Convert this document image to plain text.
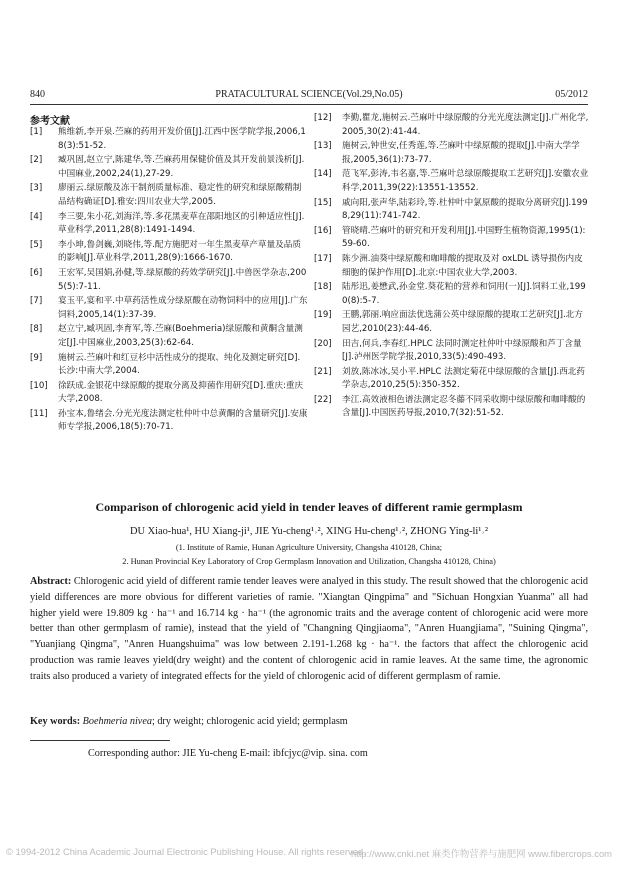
840	PRATACULTURAL SCIENCE(Vol.29,No.05)	05/2012
参考文献
[1]	熊维新,李开泉.苎麻的药用开发价值[J].江西中医学院学报,2006,18(3):51-52.
[2]	臧巩固,赵立宁,陈建华,等.苎麻药用保健价值及其开发前景浅析[J].中国麻业,2002,24(1),27-29.
[3]	廖丽云.绿原酸及冻干制剂质量标准、稳定性的研究和绿原酸精制品结构确证[D].雅安:四川农业大学,2005.
[4]	李三要,朱小花,刘海洋,等.多花黑麦草在邵阳地区的引种适应性[J].草业科学,2011,28(8):1491-1494.
[5]	李小坤,鲁剑巍,刘晓伟,等.配方施肥对一年生黑麦草产草量及品质的影响[J].草业科学,2011,28(9):1666-1670.
[6]	王宏军,吴国娟,孙健,等.绿原酸的药效学研究[J].中兽医学杂志,2005(5):7-11.
[7]	宴玉平,宴和平.中草药活性成分绿原酸在动物饲料中的应用[J].广东饲料,2005,14(1):37-39.
[8]	赵立宁,臧巩固,李育军,等.苎麻(Boehmeria)绿原酸和黄酮含量测定[J].中国麻业,2003,25(3):62-64.
[9]	施树云.苎麻叶和红豆杉中活性成分的提取、纯化及测定研究[D].长沙:中南大学,2004.
[10]	徐跃成.金银花中绿原酸的提取分离及抑菌作用研究[D].重庆:重庆大学,2008.
[11]	孙宝本,鲁绪会.分光光度法测定杜仲叶中总黄酮的含量研究[J].安康师专学报,2006,18(5):70-71.
[12]	李勤,瞿龙,施树云.苎麻叶中绿原酸的分光光度法测定[J].广州化学,2005,30(2):41-44.
[13]	施树云,钟世安,任秀莲,等.苎麻叶中绿原酸的提取[J].中南大学学报,2005,36(1):73-77.
[14]	范飞军,彭涛,韦名嘉,等.苎麻叶总绿原酸提取工艺研究[J].安徽农业科学,2011,39(22):13551-13552.
[15]	戚向阳,张声华,陆彩玲,等.杜仲叶中氯原酸的提取分离研究[J].1998,29(11):741-742.
[16]	管晓晴.苎麻叶的研究和开发利用[J].中国野生植物资源,1995(1):59-60.
[17]	陈少洲.油葵中绿原酸和咖啡酸的提取及对 oxLDL 诱导损伤内皮细胞的保护作用[D].北京:中国农业大学,2003.
[18]	陆彤迅,姜懋武,孙金堂.葵花粕的营养和饲用(一)[J].饲料工业,1990(8):5-7.
[19]	王鹏,郭丽.响应面法优选蒲公英中绿原酸的提取工艺研究[J].北方园艺,2010(23):44-46.
[20]	田吉,何兵,李春红.HPLC 法同时测定杜仲叶中绿原酸和芦丁含量[J].泸州医学院学报,2010,33(5):490-493.
[21]	刘放,陈冰冰,吴小平.HPLC 法测定菊花中绿原酸的含量[J].西北药学杂志,2010,25(5):350-352.
[22]	李江.高效液相色谱法测定忍冬藤不同采收期中绿原酸和咖啡酸的含量[J].中国医药导报,2010,7(32):51-52.
Comparison of chlorogenic acid yield in tender leaves of different ramie germplasm
DU Xiao-hua¹, HU Xiang-ji¹, JIE Yu-cheng¹˒², XING Hu-cheng¹˒², ZHONG Ying-li¹˒²
(1. Institute of Ramie, Hunan Agriculture University, Changsha 410128, China;
2. Hunan Provincial Key Laboratory of Crop Germplasm Innovation and Utilization, Changsha 410128, China)
Abstract: Chlorogenic acid yield of different ramie tender leaves were analyed in this study. The result showed that the chlorogenic acid yield differences are more obvious for different varieties of ramie. "Xiangtan Qingpima" and "Sichuan Hongxian Yuanma" all had higher yield were 19.809 kg · ha⁻¹ and 16.714 kg · ha⁻¹ (the agronomic traits and the average content of chlorogenic acid were more better than other germplasm of ramie), instead that the yield of "Changning Qingjiaoma", "Anren Huangjiama", "Suining Qingma", "Yuanjiang Qingma", "Anren Huangshuima" was low between 2.191-1.268 kg · ha⁻¹. the factors that affect the chlorogenic acid production was ramie leaves yield(dry weight) and the content of chlorogenic acid in ramie leaves. At the same time, the agronomic traits also produced a variety of integrated effects for the yield of chlorogenic acid of different germplasm of ramie.
Key words: Boehmeria nivea; dry weight; chlorogenic acid yield; germplasm
Corresponding author: JIE Yu-cheng E-mail: ibfcjyc@vip. sina. com
© 1994-2012 China Academic Journal Electronic Publishing House. All rights reserved.
http://www.cnki.net 麻类作物营养与施肥网 www.fibercrops.com
